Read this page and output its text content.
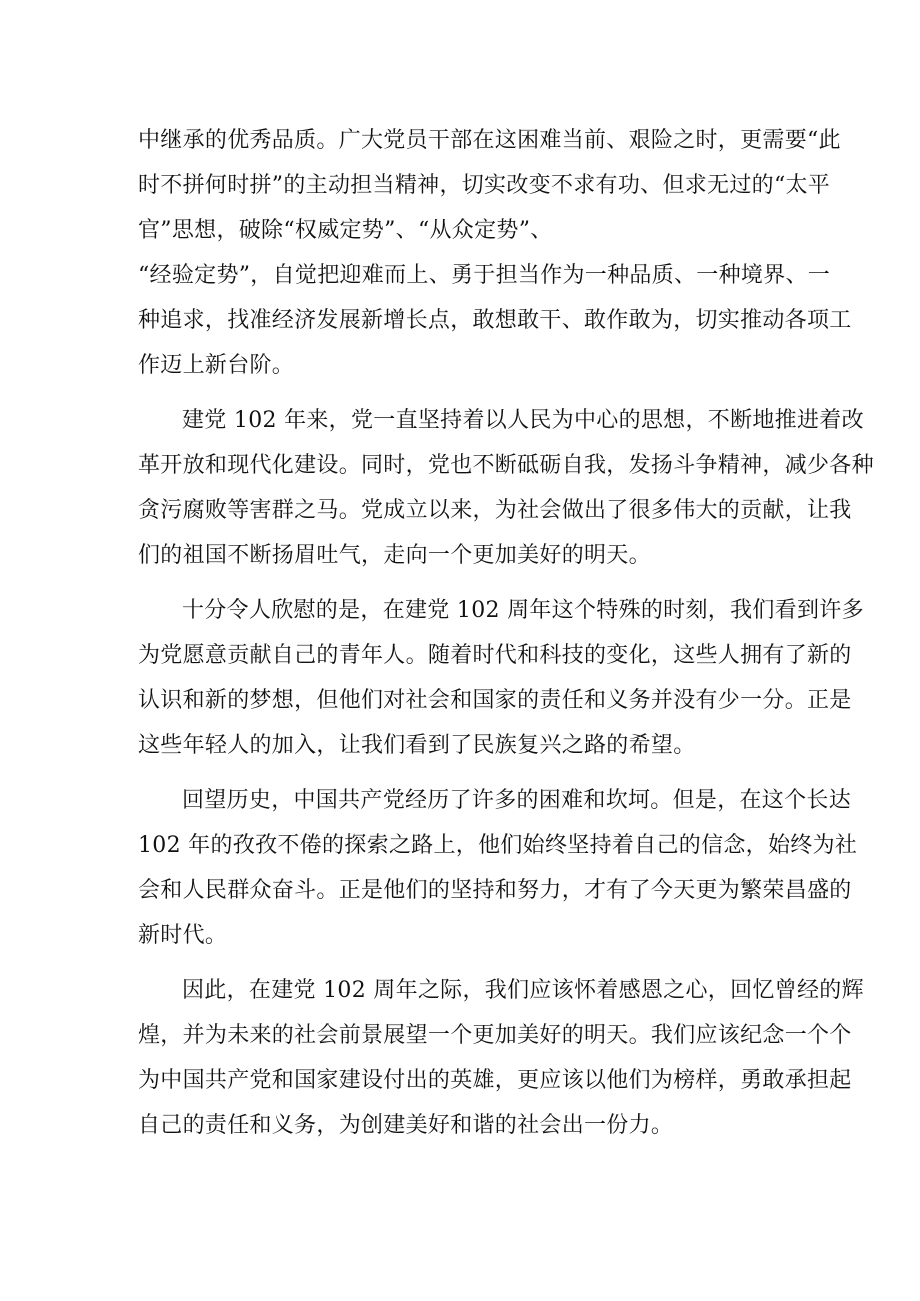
中继承的优秀品质。广大党员干部在这困难当前、艰险之时，更需要“此
时不拼何时拼”的主动担当精神，切实改变不求有功、但求无过的“太平
官”思想，破除“权威定势”、“从众定势”、
“经验定势”，自觉把迎难而上、勇于担当作为一种品质、一种境界、一
种追求，找准经济发展新增长点，敢想敢干、敢作敢为，切实推动各项工
作迈上新台阶。
建党 102 年来，党一直坚持着以人民为中心的思想，不断地推进着改
革开放和现代化建设。同时，党也不断砥砺自我，发扬斗争精神，减少各种
贪污腐败等害群之马。党成立以来，为社会做出了很多伟大的贡献，让我
们的祖国不断扬眉吐气，走向一个更加美好的明天。
十分令人欣慰的是，在建党 102 周年这个特殊的时刻，我们看到许多
为党愿意贡献自己的青年人。随着时代和科技的变化，这些人拥有了新的
认识和新的梦想，但他们对社会和国家的责任和义务并没有少一分。正是
这些年轻人的加入，让我们看到了民族复兴之路的希望。
回望历史，中国共产党经历了许多的困难和坎坷。但是，在这个长达
102 年的孜孜不倦的探索之路上，他们始终坚持着自己的信念，始终为社
会和人民群众奋斗。正是他们的坚持和努力，才有了今天更为繁荣昌盛的
新时代。
因此，在建党 102 周年之际，我们应该怀着感恩之心，回忆曾经的辉
煌，并为未来的社会前景展望一个更加美好的明天。我们应该纪念一个个
为中国共产党和国家建设付出的英雄，更应该以他们为榜样，勇敢承担起
自己的责任和义务，为创建美好和谐的社会出一份力。
